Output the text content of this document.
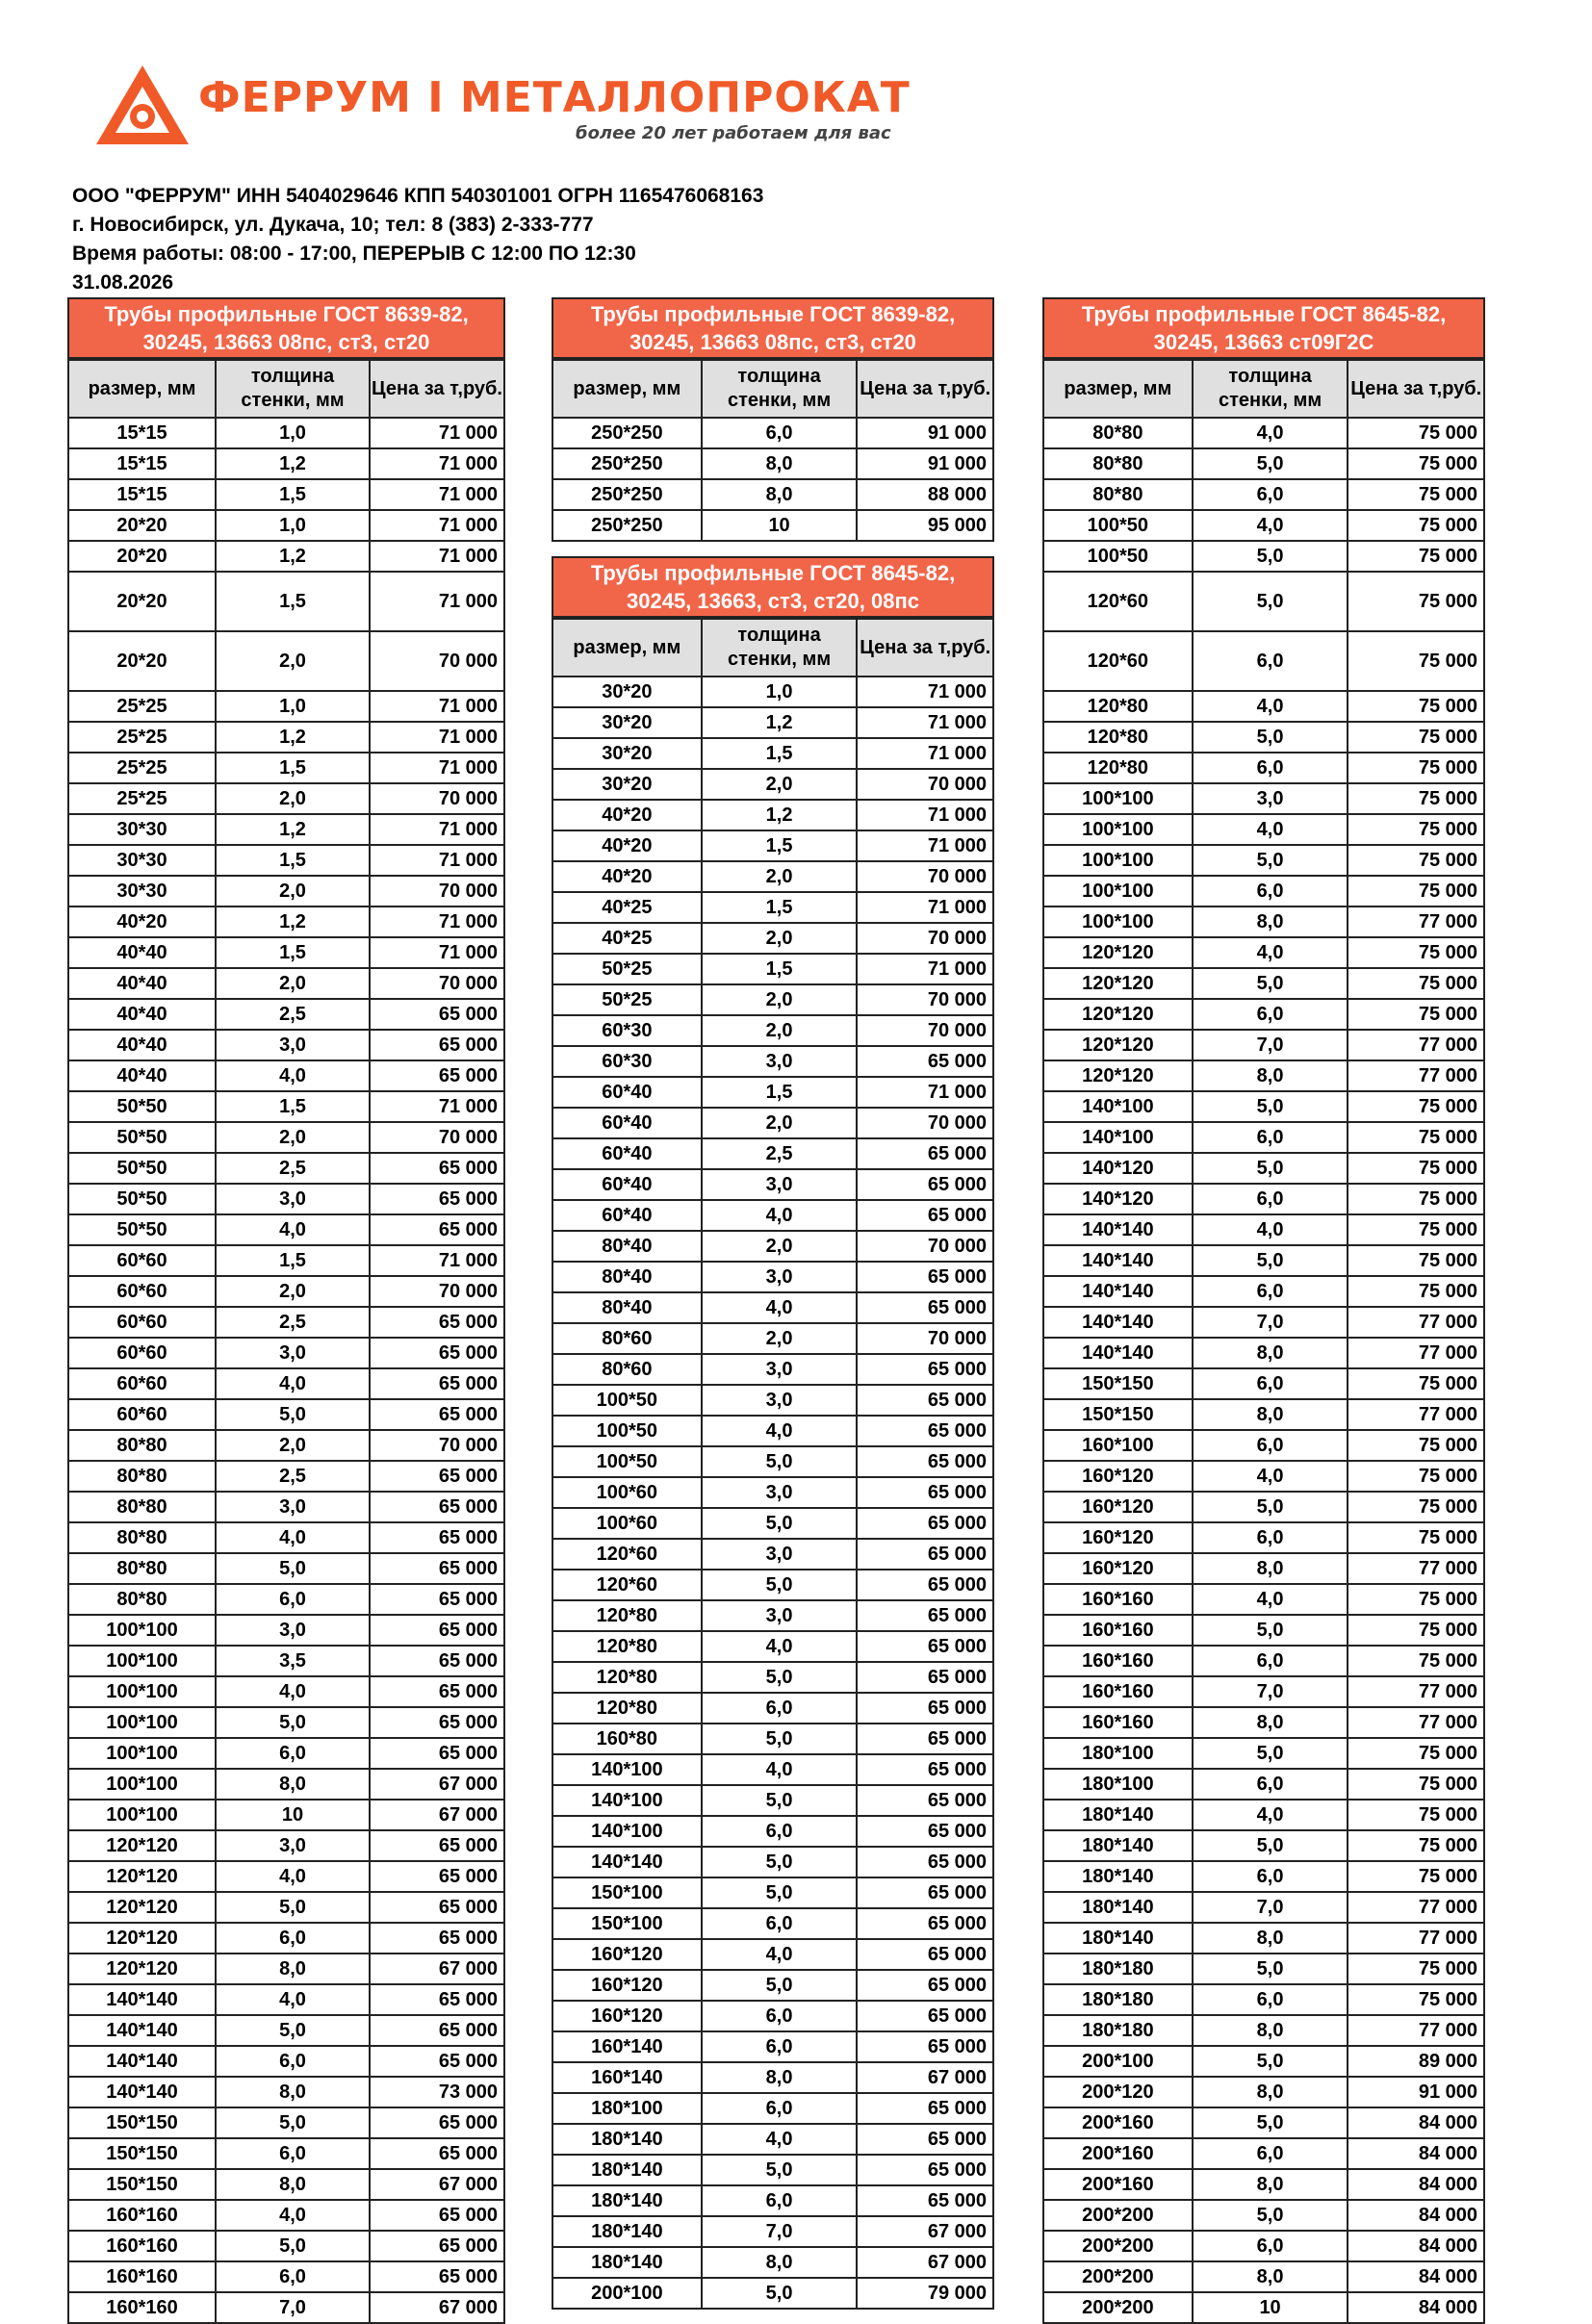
ФЕРРУМ I МЕТАЛЛОПРОКАТ
более 20 лет работаем для вас
ООО "ФЕРРУМ" ИНН 5404029646 КПП 540301001 ОГРН 1165476068163
г. Новосибирск, ул. Дукача, 10; тел: 8 (383) 2-333-777
Время работы: 08:00 - 17:00, ПЕРЕРЫВ С 12:00 ПО 12:30
31.08.2026
Трубы профильные ГОСТ 8639-82,
30245, 13663 08пс, ст3, ст20
размер, мм	толщина стенки, мм	Цена за т,руб.
15*15	1,0	71 000
15*15	1,2	71 000
15*15	1,5	71 000
20*20	1,0	71 000
20*20	1,2	71 000
20*20	1,5	71 000
20*20	2,0	70 000
25*25	1,0	71 000
25*25	1,2	71 000
25*25	1,5	71 000
25*25	2,0	70 000
30*30	1,2	71 000
30*30	1,5	71 000
30*30	2,0	70 000
40*20	1,2	71 000
40*40	1,5	71 000
40*40	2,0	70 000
40*40	2,5	65 000
40*40	3,0	65 000
40*40	4,0	65 000
50*50	1,5	71 000
50*50	2,0	70 000
50*50	2,5	65 000
50*50	3,0	65 000
50*50	4,0	65 000
60*60	1,5	71 000
60*60	2,0	70 000
60*60	2,5	65 000
60*60	3,0	65 000
60*60	4,0	65 000
60*60	5,0	65 000
80*80	2,0	70 000
80*80	2,5	65 000
80*80	3,0	65 000
80*80	4,0	65 000
80*80	5,0	65 000
80*80	6,0	65 000
100*100	3,0	65 000
100*100	3,5	65 000
100*100	4,0	65 000
100*100	5,0	65 000
100*100	6,0	65 000
100*100	8,0	67 000
100*100	10	67 000
120*120	3,0	65 000
120*120	4,0	65 000
120*120	5,0	65 000
120*120	6,0	65 000
120*120	8,0	67 000
140*140	4,0	65 000
140*140	5,0	65 000
140*140	6,0	65 000
140*140	8,0	73 000
150*150	5,0	65 000
150*150	6,0	65 000
150*150	8,0	67 000
160*160	4,0	65 000
160*160	5,0	65 000
160*160	6,0	65 000
160*160	7,0	67 000
Трубы профильные ГОСТ 8639-82,
30245, 13663 08пс, ст3, ст20
размер, мм	толщина стенки, мм	Цена за т,руб.
250*250	6,0	91 000
250*250	8,0	91 000
250*250	8,0	88 000
250*250	10	95 000
Трубы профильные ГОСТ 8645-82,
30245, 13663, ст3, ст20, 08пс
размер, мм	толщина стенки, мм	Цена за т,руб.
30*20	1,0	71 000
30*20	1,2	71 000
30*20	1,5	71 000
30*20	2,0	70 000
40*20	1,2	71 000
40*20	1,5	71 000
40*20	2,0	70 000
40*25	1,5	71 000
40*25	2,0	70 000
50*25	1,5	71 000
50*25	2,0	70 000
60*30	2,0	70 000
60*30	3,0	65 000
60*40	1,5	71 000
60*40	2,0	70 000
60*40	2,5	65 000
60*40	3,0	65 000
60*40	4,0	65 000
80*40	2,0	70 000
80*40	3,0	65 000
80*40	4,0	65 000
80*60	2,0	70 000
80*60	3,0	65 000
100*50	3,0	65 000
100*50	4,0	65 000
100*50	5,0	65 000
100*60	3,0	65 000
100*60	5,0	65 000
120*60	3,0	65 000
120*60	5,0	65 000
120*80	3,0	65 000
120*80	4,0	65 000
120*80	5,0	65 000
120*80	6,0	65 000
160*80	5,0	65 000
140*100	4,0	65 000
140*100	5,0	65 000
140*100	6,0	65 000
140*140	5,0	65 000
150*100	5,0	65 000
150*100	6,0	65 000
160*120	4,0	65 000
160*120	5,0	65 000
160*120	6,0	65 000
160*140	6,0	65 000
160*140	8,0	67 000
180*100	6,0	65 000
180*140	4,0	65 000
180*140	5,0	65 000
180*140	6,0	65 000
180*140	7,0	67 000
180*140	8,0	67 000
200*100	5,0	79 000
Трубы профильные ГОСТ 8645-82,
30245, 13663 ст09Г2С
размер, мм	толщина стенки, мм	Цена за т,руб.
80*80	4,0	75 000
80*80	5,0	75 000
80*80	6,0	75 000
100*50	4,0	75 000
100*50	5,0	75 000
120*60	5,0	75 000
120*60	6,0	75 000
120*80	4,0	75 000
120*80	5,0	75 000
120*80	6,0	75 000
100*100	3,0	75 000
100*100	4,0	75 000
100*100	5,0	75 000
100*100	6,0	75 000
100*100	8,0	77 000
120*120	4,0	75 000
120*120	5,0	75 000
120*120	6,0	75 000
120*120	7,0	77 000
120*120	8,0	77 000
140*100	5,0	75 000
140*100	6,0	75 000
140*120	5,0	75 000
140*120	6,0	75 000
140*140	4,0	75 000
140*140	5,0	75 000
140*140	6,0	75 000
140*140	7,0	77 000
140*140	8,0	77 000
150*150	6,0	75 000
150*150	8,0	77 000
160*100	6,0	75 000
160*120	4,0	75 000
160*120	5,0	75 000
160*120	6,0	75 000
160*120	8,0	77 000
160*160	4,0	75 000
160*160	5,0	75 000
160*160	6,0	75 000
160*160	7,0	77 000
160*160	8,0	77 000
180*100	5,0	75 000
180*100	6,0	75 000
180*140	4,0	75 000
180*140	5,0	75 000
180*140	6,0	75 000
180*140	7,0	77 000
180*140	8,0	77 000
180*180	5,0	75 000
180*180	6,0	75 000
180*180	8,0	77 000
200*100	5,0	89 000
200*120	8,0	91 000
200*160	5,0	84 000
200*160	6,0	84 000
200*160	8,0	84 000
200*200	5,0	84 000
200*200	6,0	84 000
200*200	8,0	84 000
200*200	10	84 000
